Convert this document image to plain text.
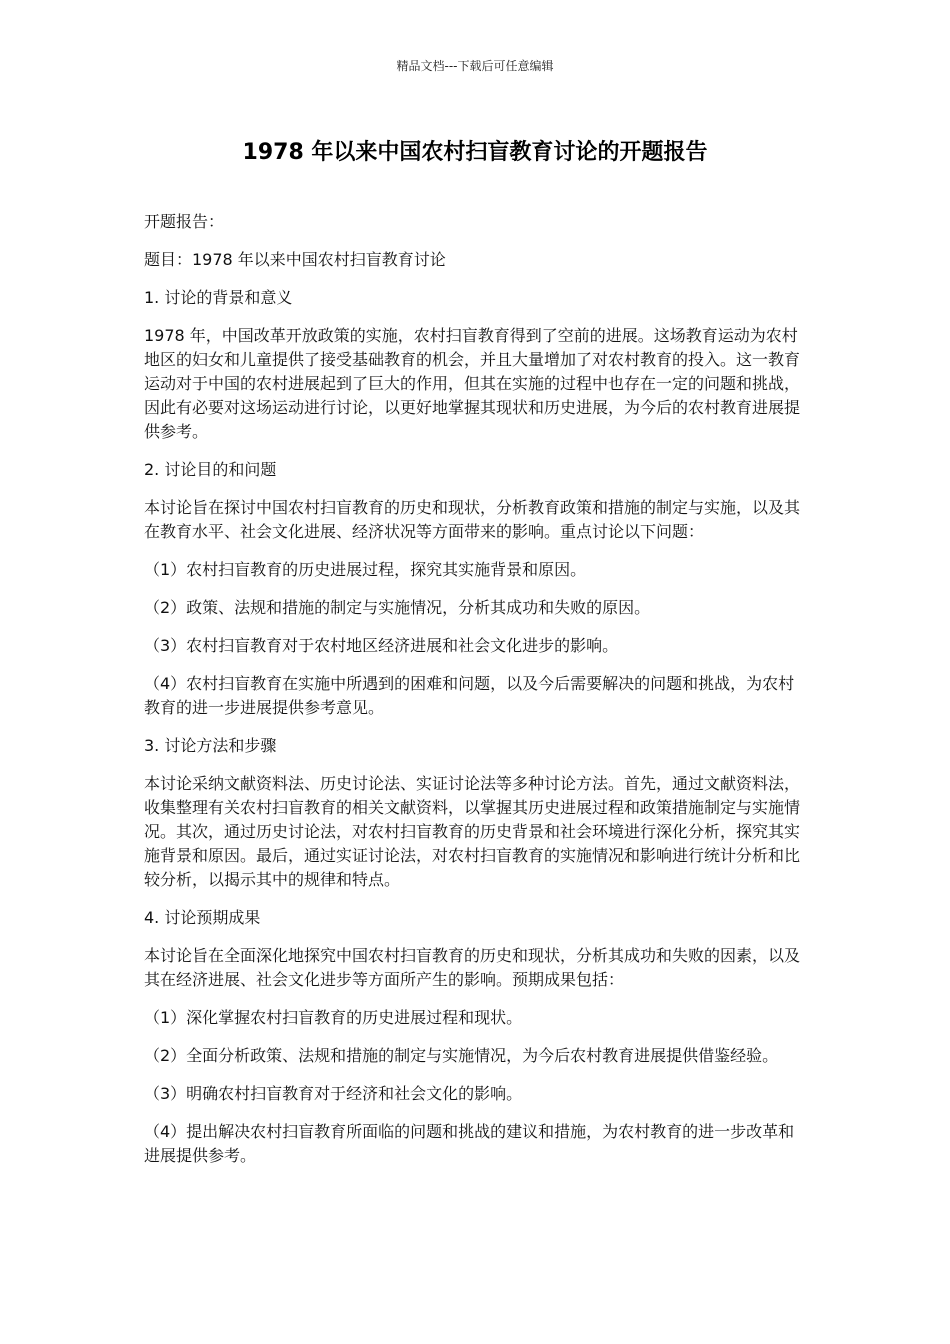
精品文档---下载后可任意编辑
1978 年以来中国农村扫盲教育讨论的开题报告

开题报告：

题目：1978 年以来中国农村扫盲教育讨论

1. 讨论的背景和意义

1978 年，中国改革开放政策的实施，农村扫盲教育得到了空前的进展。这场教育运动为农村地区的妇女和儿童提供了接受基础教育的机会，并且大量增加了对农村教育的投入。这一教育运动对于中国的农村进展起到了巨大的作用，但其在实施的过程中也存在一定的问题和挑战，因此有必要对这场运动进行讨论，以更好地掌握其现状和历史进展，为今后的农村教育进展提供参考。

2. 讨论目的和问题

本讨论旨在探讨中国农村扫盲教育的历史和现状，分析教育政策和措施的制定与实施，以及其在教育水平、社会文化进展、经济状况等方面带来的影响。重点讨论以下问题：

（1）农村扫盲教育的历史进展过程，探究其实施背景和原因。

（2）政策、法规和措施的制定与实施情况，分析其成功和失败的原因。

（3）农村扫盲教育对于农村地区经济进展和社会文化进步的影响。

（4）农村扫盲教育在实施中所遇到的困难和问题，以及今后需要解决的问题和挑战，为农村教育的进一步进展提供参考意见。

3. 讨论方法和步骤

本讨论采纳文献资料法、历史讨论法、实证讨论法等多种讨论方法。首先，通过文献资料法，收集整理有关农村扫盲教育的相关文献资料，以掌握其历史进展过程和政策措施制定与实施情况。其次，通过历史讨论法，对农村扫盲教育的历史背景和社会环境进行深化分析，探究其实施背景和原因。最后，通过实证讨论法，对农村扫盲教育的实施情况和影响进行统计分析和比较分析，以揭示其中的规律和特点。

4. 讨论预期成果

本讨论旨在全面深化地探究中国农村扫盲教育的历史和现状，分析其成功和失败的因素，以及其在经济进展、社会文化进步等方面所产生的影响。预期成果包括：

（1）深化掌握农村扫盲教育的历史进展过程和现状。

（2）全面分析政策、法规和措施的制定与实施情况，为今后农村教育进展提供借鉴经验。

（3）明确农村扫盲教育对于经济和社会文化的影响。

（4）提出解决农村扫盲教育所面临的问题和挑战的建议和措施，为农村教育的进一步改革和进展提供参考。
